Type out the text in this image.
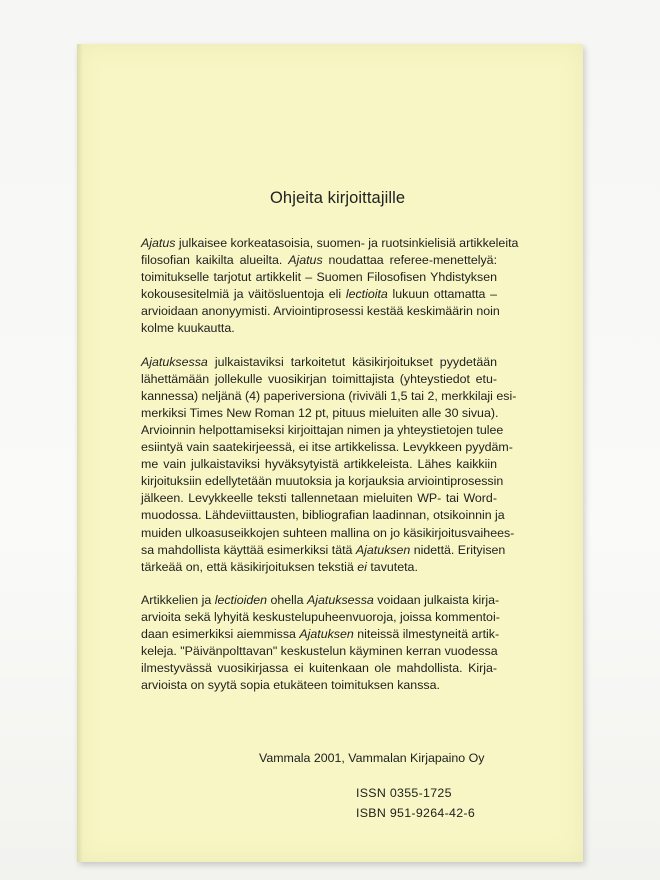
Ohjeita kirjoittajille
Ajatus julkaisee korkeatasoisia, suomen- ja ruotsinkielisiä artikkeleita
filosofian kaikilta alueilta. Ajatus noudattaa referee-menettelyä:
toimitukselle tarjotut artikkelit – Suomen Filosofisen Yhdistyksen
kokousesitelmiä ja väitösluentoja eli lectioita lukuun ottamatta –
arvioidaan anonyymisti. Arviointiprosessi kestää keskimäärin noin
kolme kuukautta.
Ajatuksessa julkaistaviksi tarkoitetut käsikirjoitukset pyydetään
lähettämään jollekulle vuosikirjan toimittajista (yhteystiedot etu-
kannessa) neljänä (4) paperiversiona (riviväli 1,5 tai 2, merkkilaji esi-
merkiksi Times New Roman 12 pt, pituus mieluiten alle 30 sivua).
Arvioinnin helpottamiseksi kirjoittajan nimen ja yhteystietojen tulee
esiintyä vain saatekirjeessä, ei itse artikkelissa. Levykkeen pyydäm-
me vain julkaistaviksi hyväksytyistä artikkeleista. Lähes kaikkiin
kirjoituksiin edellytetään muutoksia ja korjauksia arviointiprosessin
jälkeen. Levykkeelle teksti tallennetaan mieluiten WP- tai Word-
muodossa. Lähdeviittausten, bibliografian laadinnan, otsikoinnin ja
muiden ulkoasuseikkojen suhteen mallina on jo käsikirjoitusvaihees-
sa mahdollista käyttää esimerkiksi tätä Ajatuksen nidettä. Erityisen
tärkeää on, että käsikirjoituksen tekstiä ei tavuteta.
Artikkelien ja lectioiden ohella Ajatuksessa voidaan julkaista kirja-
arvioita sekä lyhyitä keskustelupuheenvuoroja, joissa kommentoi-
daan esimerkiksi aiemmissa Ajatuksen niteissä ilmestyneitä artik-
keleja. "Päivänpolttavan" keskustelun käyminen kerran vuodessa
ilmestyvässä vuosikirjassa ei kuitenkaan ole mahdollista. Kirja-
arvioista on syytä sopia etukäteen toimituksen kanssa.
Vammala 2001, Vammalan Kirjapaino Oy
ISSN 0355-1725
ISBN 951-9264-42-6
